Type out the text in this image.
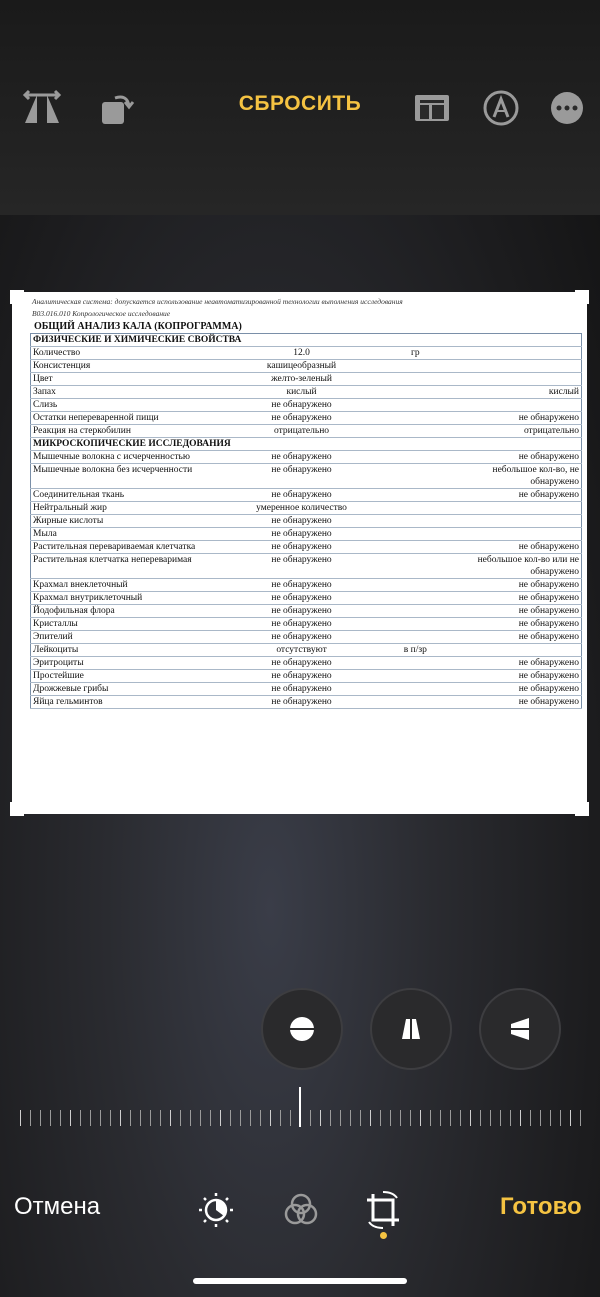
СБРОСИТЬ
Аналитическая система: допускается использование неавтоматизированной технологии выполнения исследования
B03.016.010 Копрологическое исследование
ОБЩИЙ АНАЛИЗ КАЛА (КОПРОГРАММА)
ФИЗИЧЕСКИЕ И ХИМИЧЕСКИЕ СВОЙСТВА			
Количество	12.0	гр	
Консистенция	кашицеобразный		
Цвет	желто-зеленый		
Запах	кислый		кислый
Слизь	не обнаружено		
Остатки непереваренной пищи	не обнаружено		не обнаружено
Реакция на стеркобилин	отрицательно		отрицательно
МИКРОСКОПИЧЕСКИЕ ИССЛЕДОВАНИЯ			
Мышечные волокна с исчерченностью	не обнаружено		не обнаружено
Мышечные волокна без исчерченности	не обнаружено		небольшое кол-во, не обнаружено
Соединительная ткань	не обнаружено		не обнаружено
Нейтральный жир	умеренное количество		
Жирные кислоты	не обнаружено		
Мыла	не обнаружено		
Растительная переваривaемая клетчатка	не обнаружено		не обнаружено
Растительная клетчатка непереваримая	не обнаружено		небольшое кол-во или не обнаружено
Крахмал внеклеточный	не обнаружено		не обнаружено
Крахмал внутриклеточный	не обнаружено		не обнаружено
Йодофильная флора	не обнаружено		не обнаружено
Кристаллы	не обнаружено		не обнаружено
Эпителий	не обнаружено		не обнаружено
Лейкоциты	отсутствуют	в п/зр	
Эритроциты	не обнаружено		не обнаружено
Простейшие	не обнаружено		не обнаружено
Дрожжевые грибы	не обнаружено		не обнаружено
Яйца гельминтов	не обнаружено		не обнаружено
Отмена	Готово
